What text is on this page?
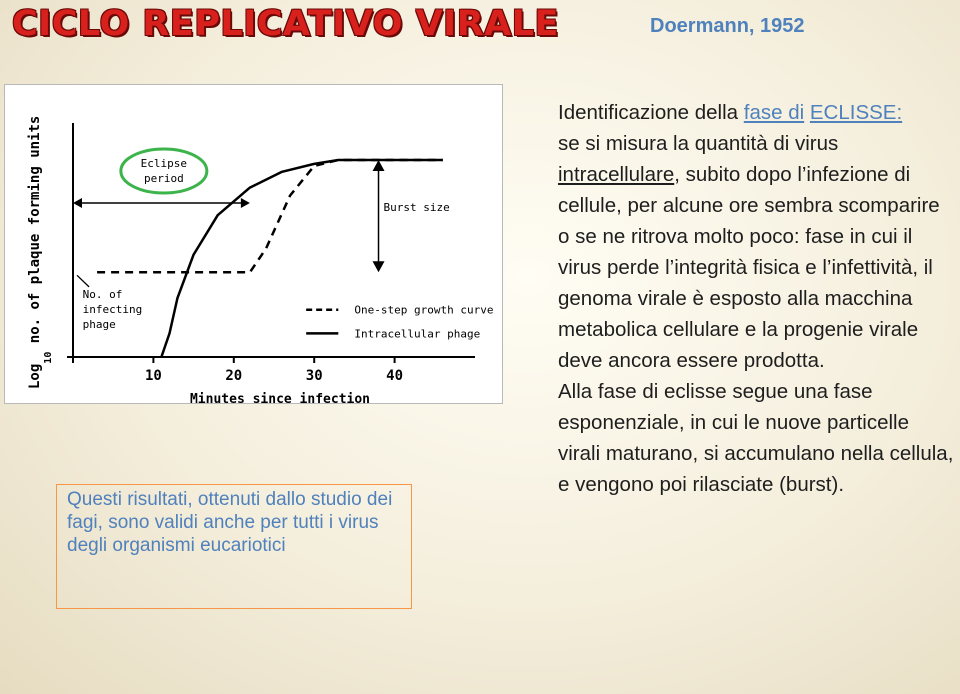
CICLO REPLICATIVO VIRALE	Doermann, 1952
Eclipse
period
Burst size
No. of
infecting
phage
One-step growth curve
Intracellular phage
10	20	30	40
Minutes since infection
Log$_{10}$ no. of plaque forming units
Questi risultati, ottenuti dallo studio dei fagi, sono validi anche per tutti i virus degli organismi eucariotici
Identificazione della fase di ECLISSE:
se si misura la quantità di virus
intracellulare, subito dopo l’infezione di cellule, per alcune ore sembra scomparire o se ne ritrova molto poco: fase in cui il virus perde l’integrità fisica e l’infettività, il genoma virale è esposto alla macchina metabolica cellulare e la progenie virale deve ancora essere prodotta.
Alla fase di eclisse segue una fase esponenziale, in cui le nuove particelle virali maturano, si accumulano nella cellula, e vengono poi rilasciate (burst).
